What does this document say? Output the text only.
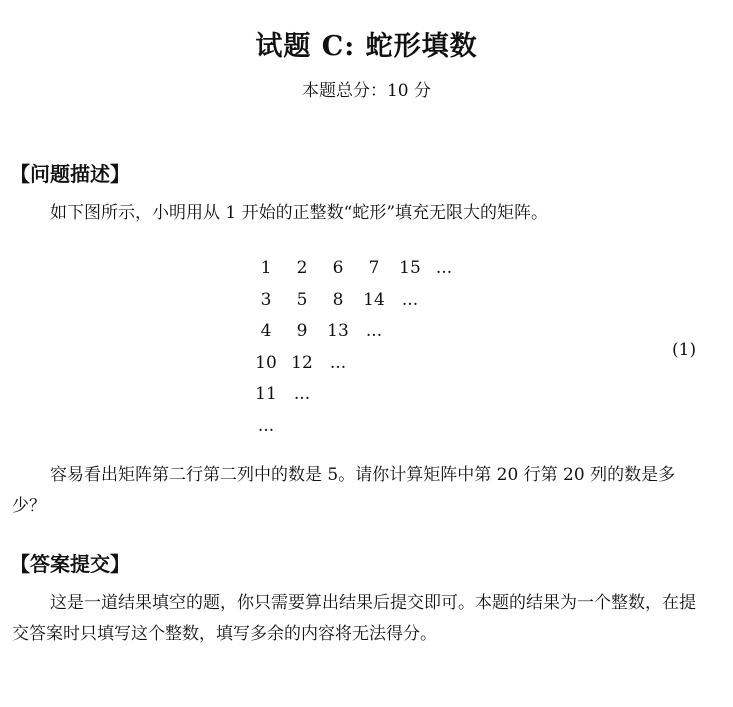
试题 C: 蛇形填数
本题总分：10 分
【问题描述】
如下图所示，小明用从 1 开始的正整数“蛇形”填充无限大的矩阵。
1	2	6	7	15 ...
3	5	8	14	...
4	9	13	...
10 12	...
11	...
...
(1)
容易看出矩阵第二行第二列中的数是 5。请你计算矩阵中第 20 行第 20 列的数是多少？
【答案提交】
这是一道结果填空的题，你只需要算出结果后提交即可。本题的结果为一个整数，在提交答案时只填写这个整数，填写多余的内容将无法得分。
